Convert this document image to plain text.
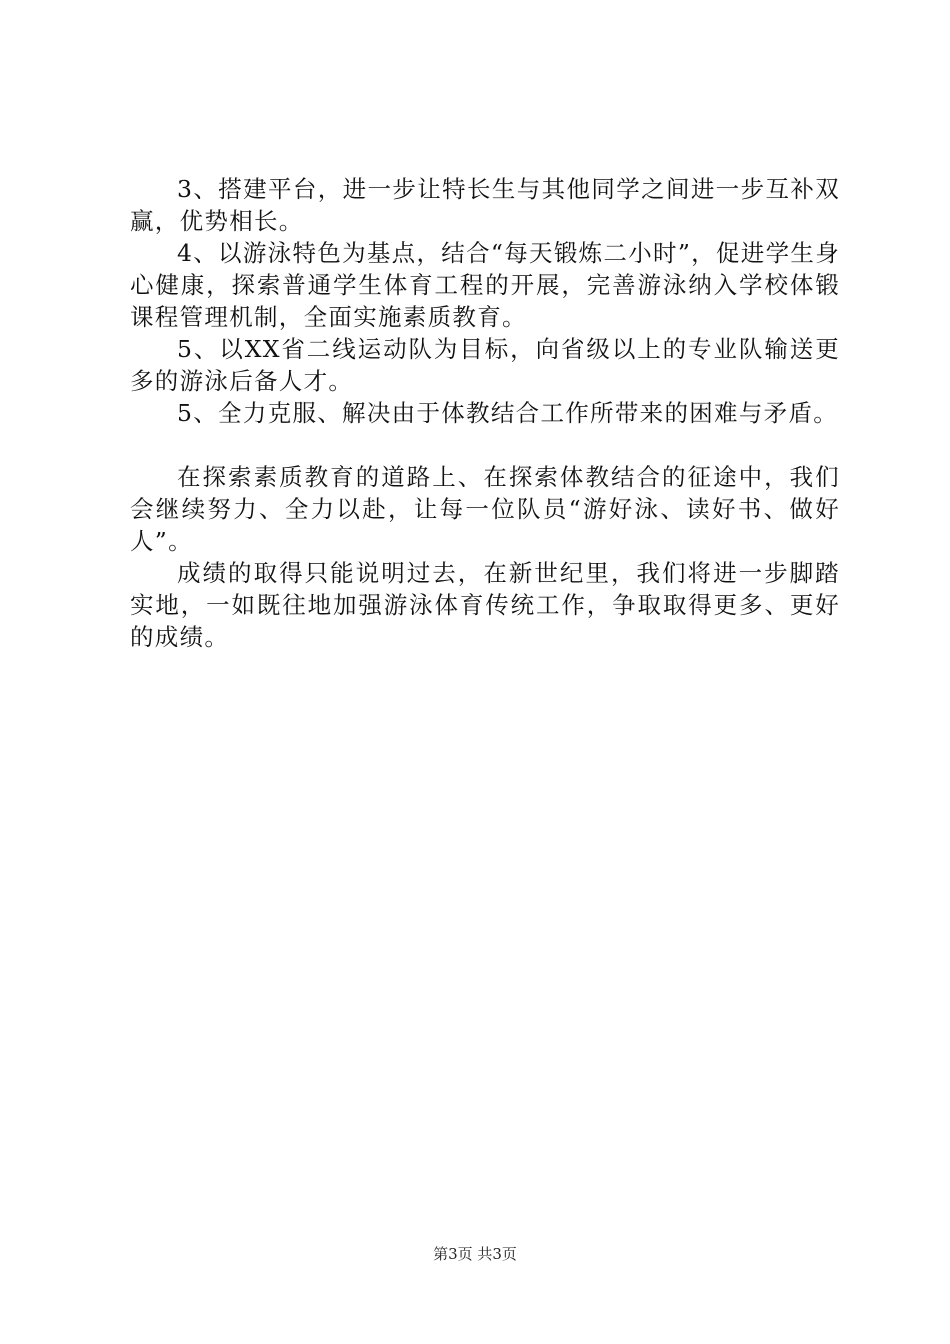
3、搭建平台，进一步让特长生与其他同学之间进一步互补双赢，优势相长。

4、以游泳特色为基点，结合“每天锻炼二小时”，促进学生身心健康，探索普通学生体育工程的开展，完善游泳纳入学校体锻课程管理机制，全面实施素质教育。

5、以XX省二线运动队为目标，向省级以上的专业队输送更多的游泳后备人才。

5、全力克服、解决由于体教结合工作所带来的困难与矛盾。

在探索素质教育的道路上、在探索体教结合的征途中，我们会继续努力、全力以赴，让每一位队员“游好泳、读好书、做好人”。

成绩的取得只能说明过去，在新世纪里，我们将进一步脚踏实地，一如既往地加强游泳体育传统工作，争取取得更多、更好的成绩。

第3页 共3页
